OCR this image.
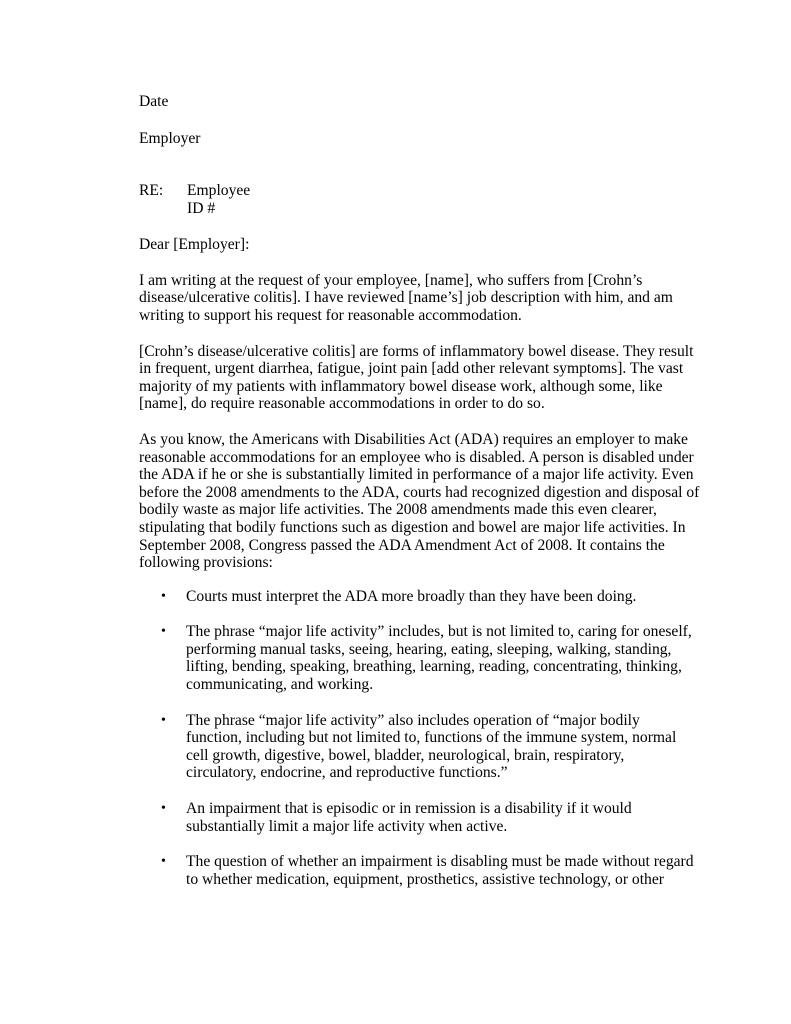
Date
Employer
RE: Employee
ID #
Dear [Employer]:
I am writing at the request of your employee, [name], who suffers from [Crohn’s
disease/ulcerative colitis]. I have reviewed [name’s] job description with him, and am
writing to support his request for reasonable accommodation.
[Crohn’s disease/ulcerative colitis] are forms of inflammatory bowel disease. They result
in frequent, urgent diarrhea, fatigue, joint pain [add other relevant symptoms]. The vast
majority of my patients with inflammatory bowel disease work, although some, like
[name], do require reasonable accommodations in order to do so.
As you know, the Americans with Disabilities Act (ADA) requires an employer to make
reasonable accommodations for an employee who is disabled. A person is disabled under
the ADA if he or she is substantially limited in performance of a major life activity. Even
before the 2008 amendments to the ADA, courts had recognized digestion and disposal of
bodily waste as major life activities. The 2008 amendments made this even clearer,
stipulating that bodily functions such as digestion and bowel are major life activities. In
September 2008, Congress passed the ADA Amendment Act of 2008. It contains the
following provisions:
• Courts must interpret the ADA more broadly than they have been doing.
• The phrase “major life activity” includes, but is not limited to, caring for oneself,
performing manual tasks, seeing, hearing, eating, sleeping, walking, standing,
lifting, bending, speaking, breathing, learning, reading, concentrating, thinking,
communicating, and working.
• The phrase “major life activity” also includes operation of “major bodily
function, including but not limited to, functions of the immune system, normal
cell growth, digestive, bowel, bladder, neurological, brain, respiratory,
circulatory, endocrine, and reproductive functions.”
• An impairment that is episodic or in remission is a disability if it would
substantially limit a major life activity when active.
• The question of whether an impairment is disabling must be made without regard
to whether medication, equipment, prosthetics, assistive technology, or other
